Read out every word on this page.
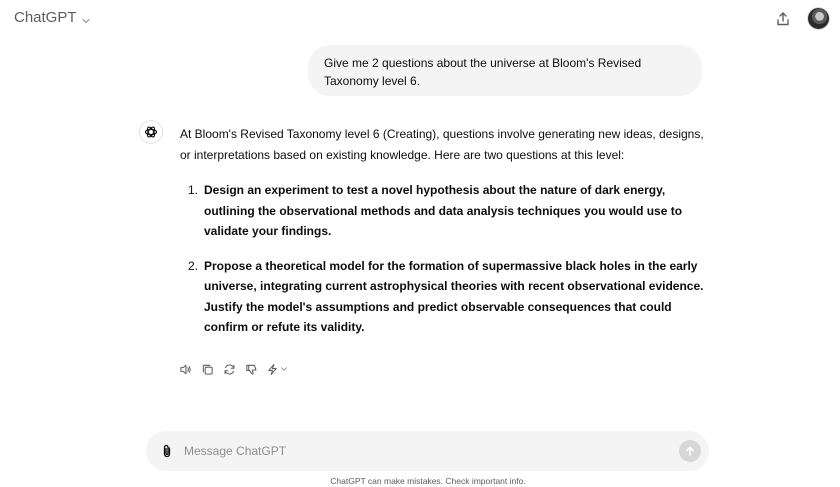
ChatGPT
Give me 2 questions about the universe at Bloom's Revised Taxonomy level 6.

At Bloom's Revised Taxonomy level 6 (Creating), questions involve generating new ideas, designs, or interpretations based on existing knowledge. Here are two questions at this level:

1. Design an experiment to test a novel hypothesis about the nature of dark energy, outlining the observational methods and data analysis techniques you would use to validate your findings.
2. Propose a theoretical model for the formation of supermassive black holes in the early universe, integrating current astrophysical theories with recent observational evidence. Justify the model's assumptions and predict observable consequences that could confirm or refute its validity.
Message ChatGPT
ChatGPT can make mistakes. Check important info.
